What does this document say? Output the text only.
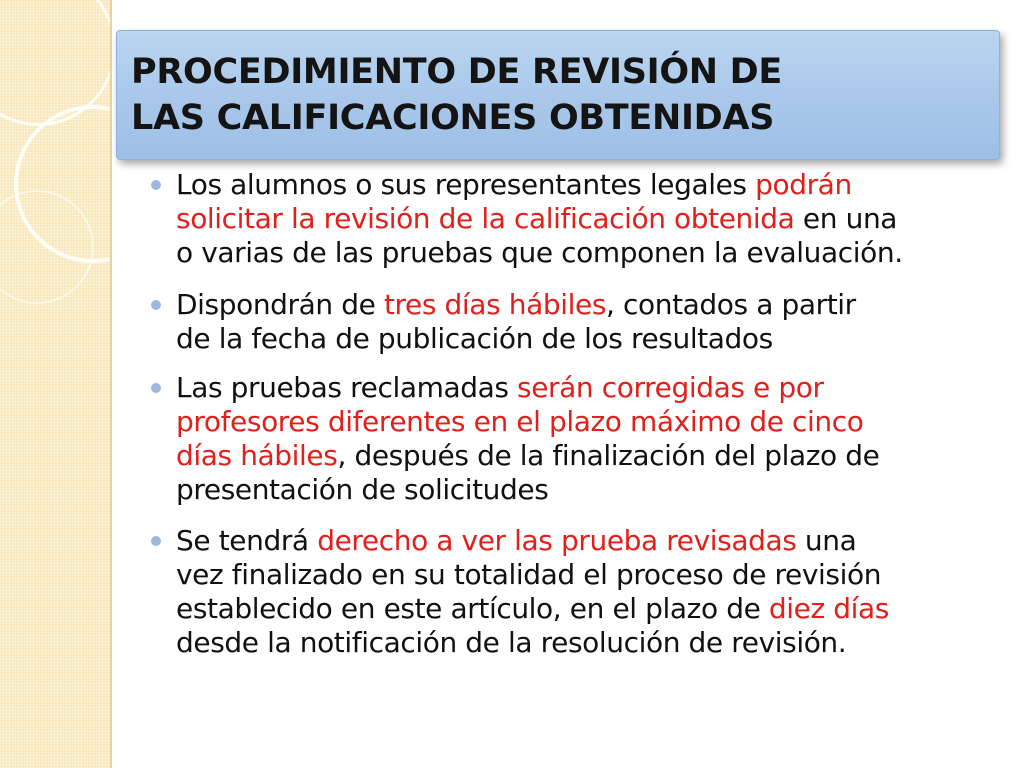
PROCEDIMIENTO DE REVISIÓN DE
LAS CALIFICACIONES OBTENIDAS
Los alumnos o sus representantes legales podrán
solicitar la revisión de la calificación obtenida en una
o varias de las pruebas que componen la evaluación.
Dispondrán de tres días hábiles, contados a partir
de la fecha de publicación de los resultados
Las pruebas reclamadas serán corregidas e por
profesores diferentes en el plazo máximo de cinco
días hábiles, después de la finalización del plazo de
presentación de solicitudes
Se tendrá derecho a ver las prueba revisadas una
vez finalizado en su totalidad el proceso de revisión
establecido en este artículo, en el plazo de diez días
desde la notificación de la resolución de revisión.
